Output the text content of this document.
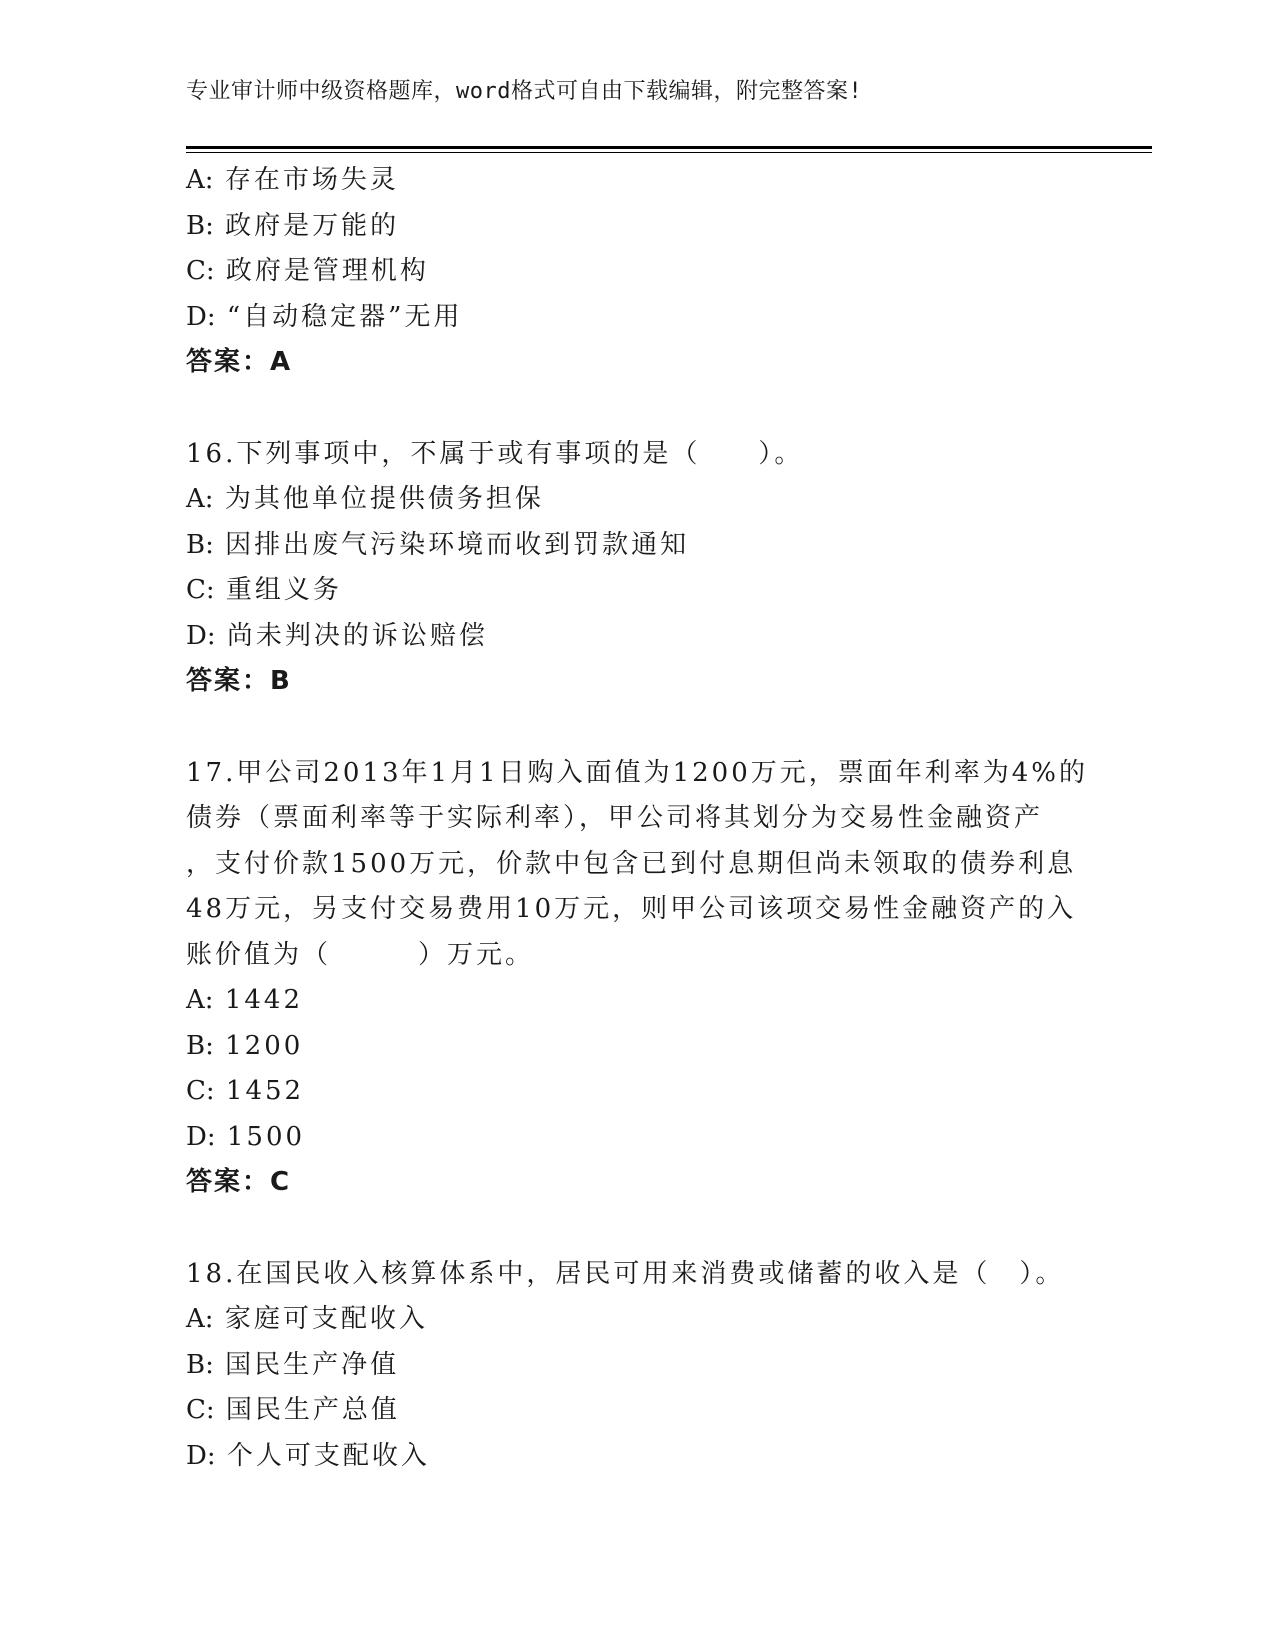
专业审计师中级资格题库，word格式可自由下载编辑，附完整答案!
A: 存在市场失灵
B: 政府是万能的
C: 政府是管理机构
D: “自动稳定器”无用
答案：A
16.下列事项中，不属于或有事项的是（　　）。
A: 为其他单位提供债务担保
B: 因排出废气污染环境而收到罚款通知
C: 重组义务
D: 尚未判决的诉讼赔偿
答案：B
17.甲公司2013年1月1日购入面值为1200万元，票面年利率为4%的
债券（票面利率等于实际利率），甲公司将其划分为交易性金融资产
，支付价款1500万元，价款中包含已到付息期但尚未领取的债券利息
48万元，另支付交易费用10万元，则甲公司该项交易性金融资产的入
账价值为（　　　）万元。
A: 1442
B: 1200
C: 1452
D: 1500
答案：C
18.在国民收入核算体系中，居民可用来消费或储蓄的收入是（　）。
A: 家庭可支配收入
B: 国民生产净值
C: 国民生产总值
D: 个人可支配收入
